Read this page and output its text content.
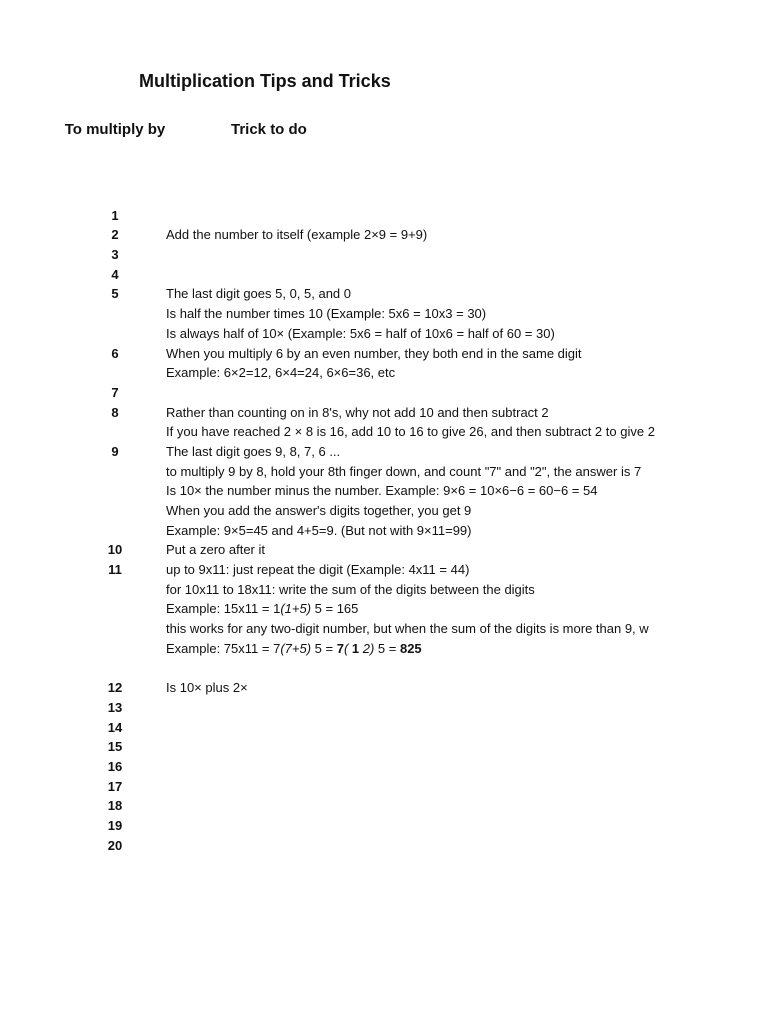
Multiplication Tips and Tricks
To multiply by	Trick to do
1
2	Add the number to itself (example 2×9 = 9+9)
3
4
5	The last digit goes 5, 0, 5, and 0
Is half the number times 10 (Example: 5x6 = 10x3 = 30)
Is always half of 10× (Example: 5x6 = half of 10x6 = half of 60 = 30)
6	When you multiply 6 by an even number, they both end in the same digit
Example: 6×2=12, 6×4=24, 6×6=36, etc
7
8	Rather than counting on in 8's, why not add 10 and then subtract 2
If you have reached 2 × 8 is 16, add 10 to 16 to give 26, and then subtract 2 to give 2
9	The last digit goes 9, 8, 7, 6 ...
to multiply 9 by 8, hold your 8th finger down, and count "7" and "2", the answer is 7
Is 10× the number minus the number. Example: 9×6 = 10×6−6 = 60−6 = 54
When you add the answer's digits together, you get 9
Example: 9×5=45 and 4+5=9. (But not with 9×11=99)
10	Put a zero after it
11	up to 9x11: just repeat the digit (Example: 4x11 = 44)
for 10x11 to 18x11: write the sum of the digits between the digits
Example: 15x11 = 1(1+5) 5 = 165
this works for any two-digit number, but when the sum of the digits is more than 9, w
Example: 75x11 = 7(7+5) 5 = 7( 1 2) 5 = 825
12	Is 10× plus 2×
13
14
15
16
17
18
19
20
